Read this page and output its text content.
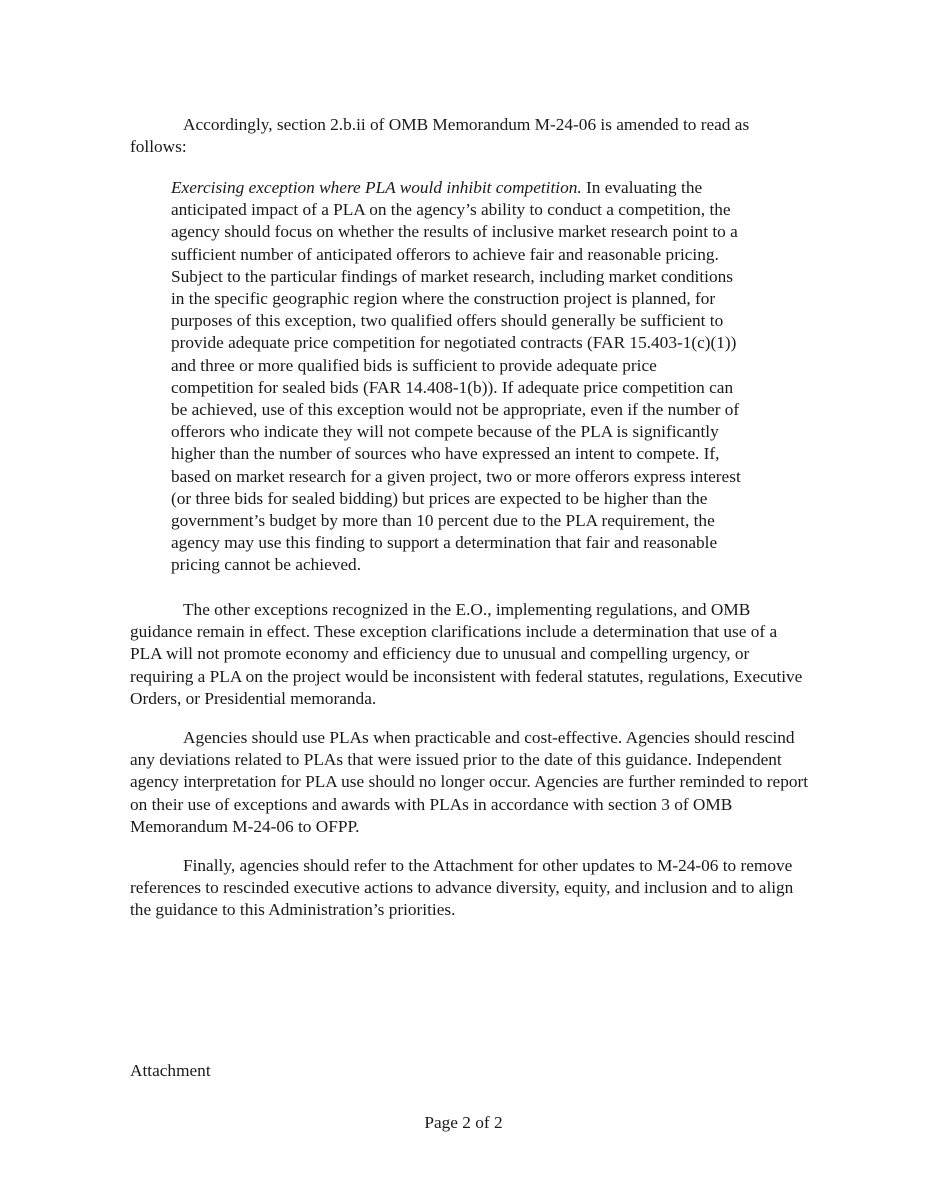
Accordingly, section 2.b.ii of OMB Memorandum M-24-06 is amended to read as follows:

Exercising exception where PLA would inhibit competition. In evaluating the anticipated impact of a PLA on the agency’s ability to conduct a competition, the agency should focus on whether the results of inclusive market research point to a sufficient number of anticipated offerors to achieve fair and reasonable pricing. Subject to the particular findings of market research, including market conditions in the specific geographic region where the construction project is planned, for purposes of this exception, two qualified offers should generally be sufficient to provide adequate price competition for negotiated contracts (FAR 15.403-1(c)(1)) and three or more qualified bids is sufficient to provide adequate price competition for sealed bids (FAR 14.408-1(b)). If adequate price competition can be achieved, use of this exception would not be appropriate, even if the number of offerors who indicate they will not compete because of the PLA is significantly higher than the number of sources who have expressed an intent to compete. If, based on market research for a given project, two or more offerors express interest (or three bids for sealed bidding) but prices are expected to be higher than the government’s budget by more than 10 percent due to the PLA requirement, the agency may use this finding to support a determination that fair and reasonable pricing cannot be achieved.

The other exceptions recognized in the E.O., implementing regulations, and OMB guidance remain in effect. These exception clarifications include a determination that use of a PLA will not promote economy and efficiency due to unusual and compelling urgency, or requiring a PLA on the project would be inconsistent with federal statutes, regulations, Executive Orders, or Presidential memoranda.

Agencies should use PLAs when practicable and cost-effective. Agencies should rescind any deviations related to PLAs that were issued prior to the date of this guidance. Independent agency interpretation for PLA use should no longer occur. Agencies are further reminded to report on their use of exceptions and awards with PLAs in accordance with section 3 of OMB Memorandum M-24-06 to OFPP.

Finally, agencies should refer to the Attachment for other updates to M-24-06 to remove references to rescinded executive actions to advance diversity, equity, and inclusion and to align the guidance to this Administration’s priorities.

Attachment

Page 2 of 2
